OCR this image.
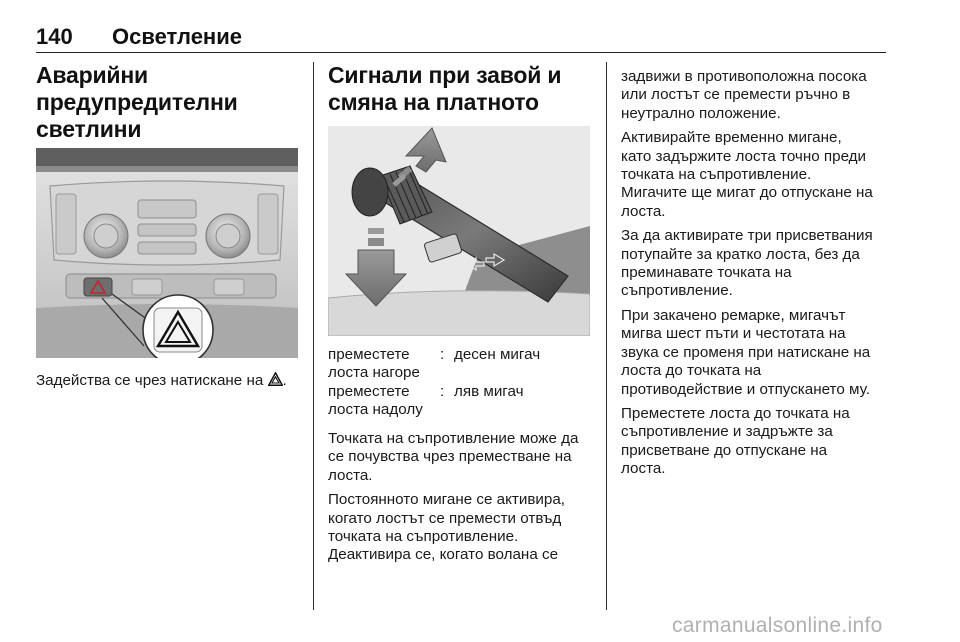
140 Осветление
Аварийни
предупредителни
светлини

Задейства се чрез натискане на .

Сигнали при завой и
смяна на платното
преместете
лоста нагоре
: десен мигач
преместете
лоста надолу
: ляв мигач

Точката на съпротивление може да
се почувства чрез преместване на
лоста.

Постоянното мигане се активира,
когато лостът се премести отвъд
точката на съпротивление.
Деактивира се, когато волана се

задвижи в противоположна посока
или лостът се премести ръчно в
неутрално положение.

Активирайте временно мигане,
като задържите лоста точно преди
точката на съпротивление.
Мигачите ще мигат до отпускане на
лоста.

За да активирате три присветвания
потупайте за кратко лоста, без да
преминавате точката на
съпротивление.

При закачено ремарке, мигачът
мигва шест пъти и честотата на
звука се променя при натискане на
лоста до точката на
противодействие и отпускането му.

Преместете лоста до точката на
съпротивление и задръжте за
присветване до отпускане на
лоста.

carmanualsonline.info
